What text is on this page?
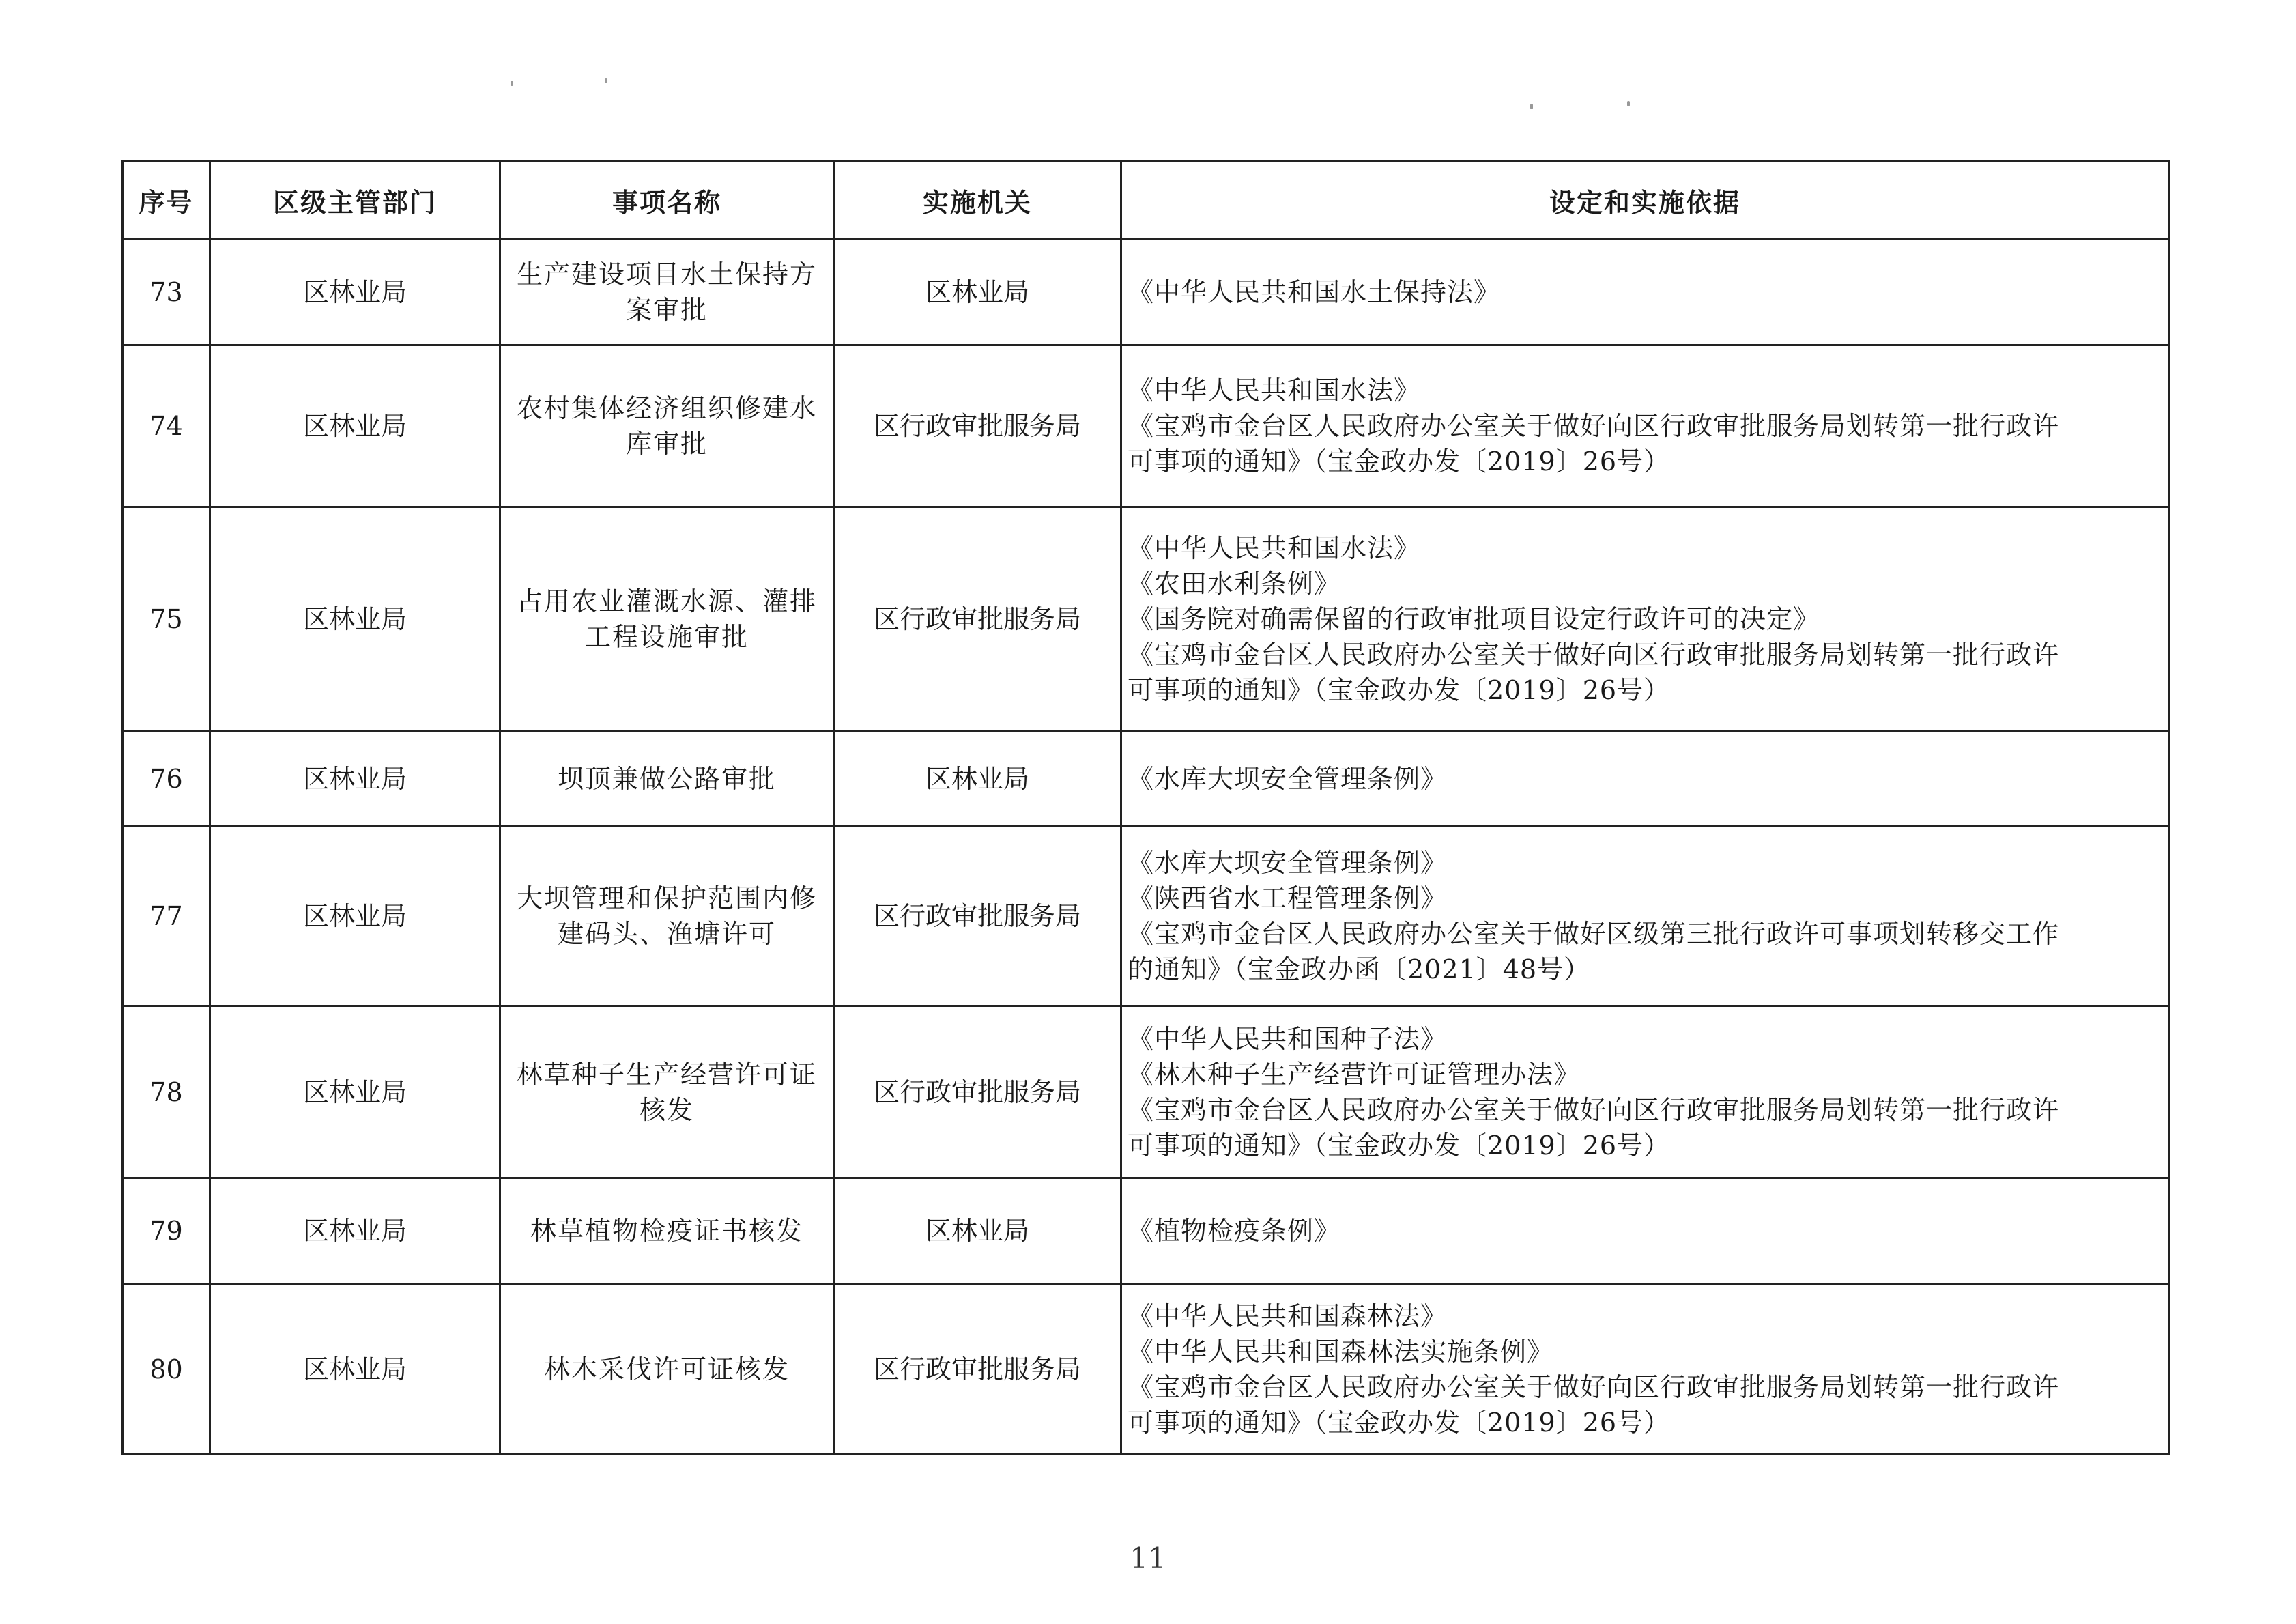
序号	区级主管部门	事项名称	实施机关	设定和实施依据
73	区林业局	生产建设项目水土保持方案审批	区林业局	《中华人民共和国水土保持法》

74	区林业局	农村集体经济组织修建水库审批	区行政审批服务局	《中华人民共和国水法》
《宝鸡市金台区人民政府办公室关于做好向区行政审批服务局划转第一批行政许
可事项的通知》（宝金政办发〔2019〕26号）

75	区林业局	占用农业灌溉水源、灌排工程设施审批	区行政审批服务局	《中华人民共和国水法》
《农田水利条例》
《国务院对确需保留的行政审批项目设定行政许可的决定》
《宝鸡市金台区人民政府办公室关于做好向区行政审批服务局划转第一批行政许
可事项的通知》（宝金政办发〔2019〕26号）

76	区林业局	坝顶兼做公路审批	区林业局	《水库大坝安全管理条例》

77	区林业局	大坝管理和保护范围内修建码头、渔塘许可	区行政审批服务局	《水库大坝安全管理条例》
《陕西省水工程管理条例》
《宝鸡市金台区人民政府办公室关于做好区级第三批行政许可事项划转移交工作
的通知》（宝金政办函〔2021〕48号）

78	区林业局	林草种子生产经营许可证核发	区行政审批服务局	《中华人民共和国种子法》
《林木种子生产经营许可证管理办法》
《宝鸡市金台区人民政府办公室关于做好向区行政审批服务局划转第一批行政许
可事项的通知》（宝金政办发〔2019〕26号）

79	区林业局	林草植物检疫证书核发	区林业局	《植物检疫条例》

80	区林业局	林木采伐许可证核发	区行政审批服务局	《中华人民共和国森林法》
《中华人民共和国森林法实施条例》
《宝鸡市金台区人民政府办公室关于做好向区行政审批服务局划转第一批行政许
可事项的通知》（宝金政办发〔2019〕26号）
11
